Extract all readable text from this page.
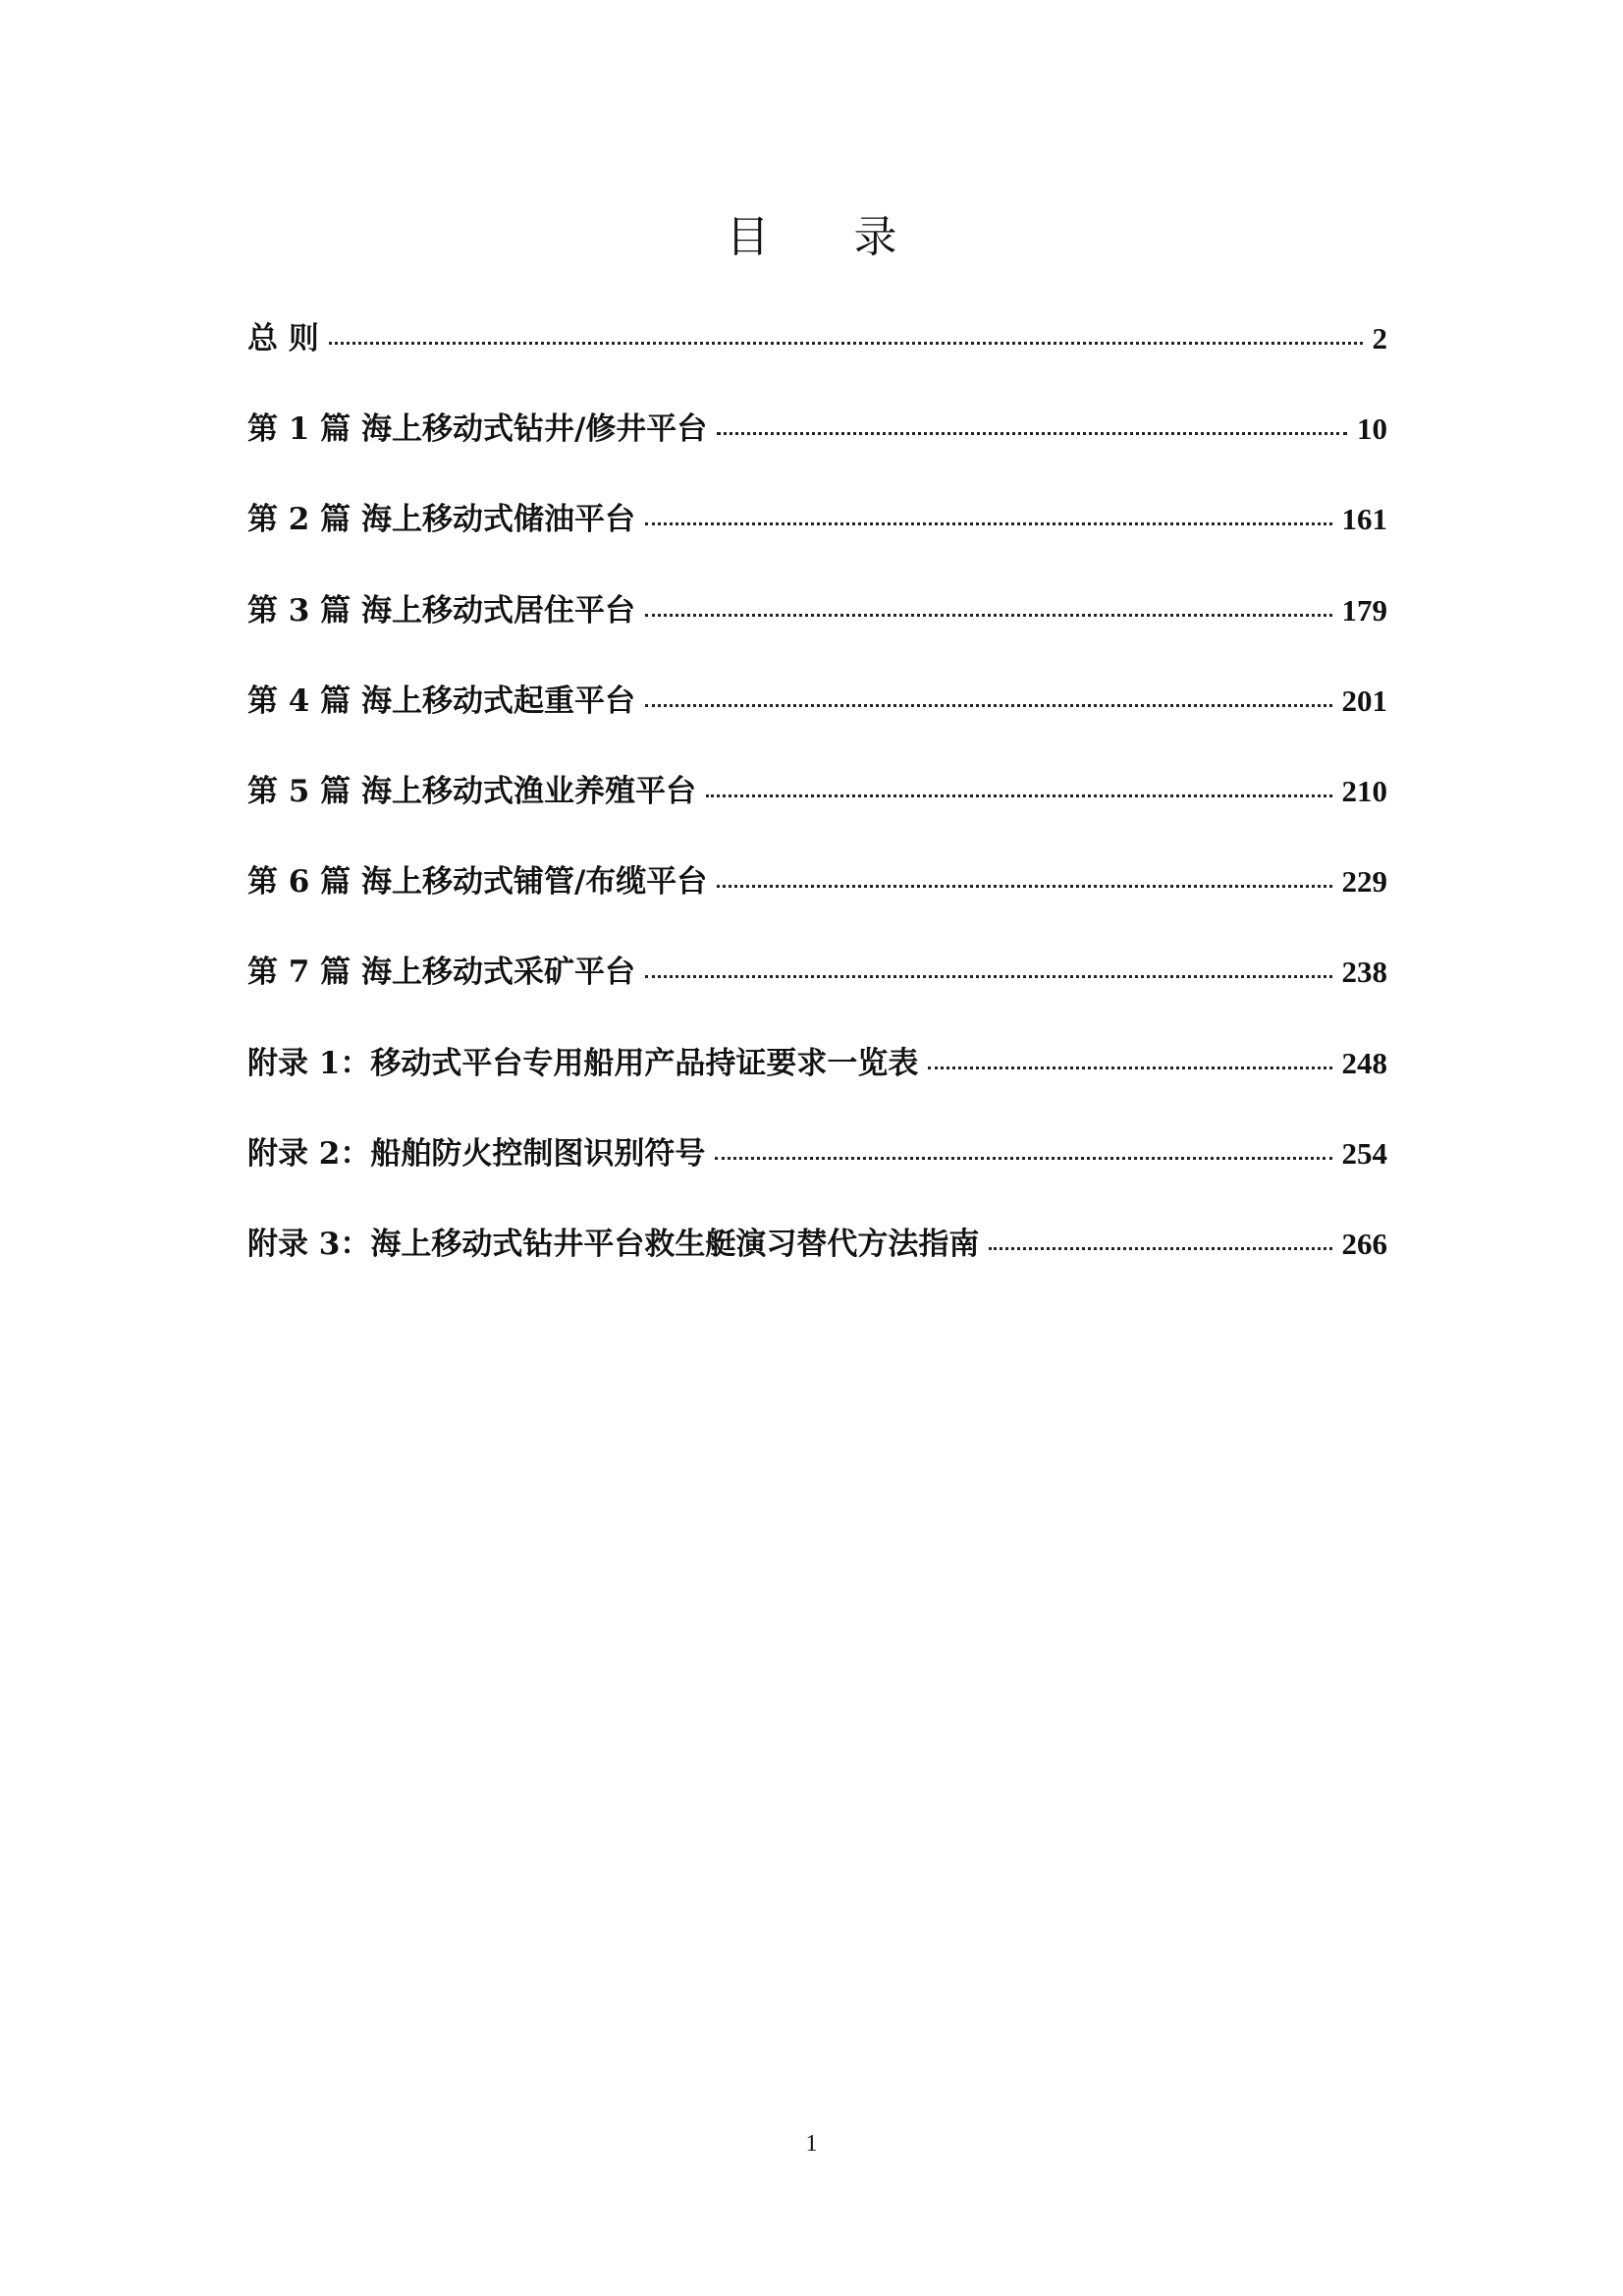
目 录
总 则	2
第 1 篇 海上移动式钻井/修井平台	10
第 2 篇 海上移动式储油平台	161
第 3 篇 海上移动式居住平台	179
第 4 篇 海上移动式起重平台	201
第 5 篇 海上移动式渔业养殖平台	210
第 6 篇 海上移动式铺管/布缆平台	229
第 7 篇 海上移动式采矿平台	238
附录 1：移动式平台专用船用产品持证要求一览表	248
附录 2：船舶防火控制图识别符号	254
附录 3：海上移动式钻井平台救生艇演习替代方法指南	266
1
